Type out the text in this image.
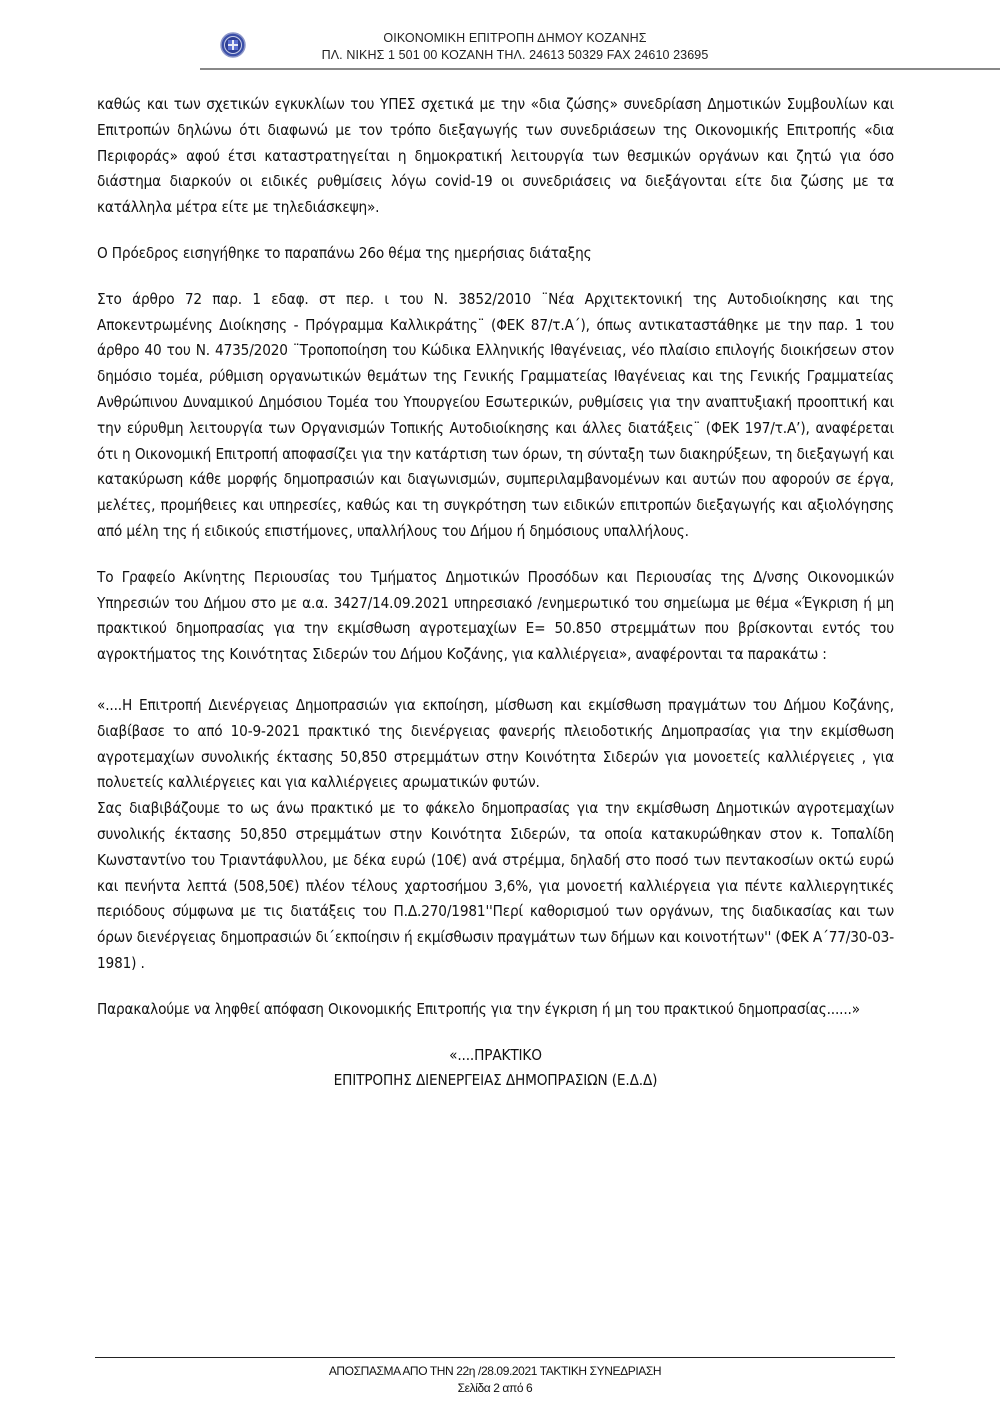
ΟΙΚΟΝΟΜΙΚΗ ΕΠΙΤΡΟΠΗ ΔΗΜΟΥ ΚΟΖΑΝΗΣ
ΠΛ. ΝΙΚΗΣ 1 501 00 ΚΟΖΑΝΗ ΤΗΛ. 24613 50329 FAX 24610 23695

καθώς και των σχετικών εγκυκλίων του ΥΠΕΣ σχετικά με την «δια ζώσης» συνεδρίαση Δημοτικών Συμβουλίων και Επιτροπών δηλώνω ότι διαφωνώ με τον τρόπο διεξαγωγής των συνεδριάσεων της Οικονομικής Επιτροπής «δια Περιφοράς» αφού έτσι καταστρατηγείται η δημοκρατική λειτουργία των θεσμικών οργάνων και ζητώ για όσο διάστημα διαρκούν οι ειδικές ρυθμίσεις λόγω covid-19 οι συνεδριάσεις να διεξάγονται είτε δια ζώσης με τα κατάλληλα μέτρα είτε με τηλεδιάσκεψη».

Ο Πρόεδρος εισηγήθηκε το παραπάνω 26ο θέμα της ημερήσιας διάταξης

Στο άρθρο 72 παρ. 1 εδαφ. στ περ. ι του Ν. 3852/2010 ¨Νέα Αρχιτεκτονική της Αυτοδιοίκησης και της Αποκεντρωμένης Διοίκησης - Πρόγραμμα Καλλικράτης¨ (ΦΕΚ 87/τ.Α΄), όπως αντικαταστάθηκε με την παρ. 1 του άρθρο 40 του Ν. 4735/2020 ¨Τροποποίηση του Κώδικα Ελληνικής Ιθαγένειας, νέο πλαίσιο επιλογής διοικήσεων στον δημόσιο τομέα, ρύθμιση οργανωτικών θεμάτων της Γενικής Γραμματείας Ιθαγένειας και της Γενικής Γραμματείας Ανθρώπινου Δυναμικού Δημόσιου Τομέα του Υπουργείου Εσωτερικών, ρυθμίσεις για την αναπτυξιακή προοπτική και την εύρυθμη λειτουργία των Οργανισμών Τοπικής Αυτοδιοίκησης και άλλες διατάξεις¨ (ΦΕΚ 197/τ.Α’), αναφέρεται ότι η Οικονομική Επιτροπή αποφασίζει για την κατάρτιση των όρων, τη σύνταξη των διακηρύξεων, τη διεξαγωγή και κατακύρωση κάθε μορφής δημοπρασιών και διαγωνισμών, συμπεριλαμβανομένων και αυτών που αφορούν σε έργα, μελέτες, προμήθειες και υπηρεσίες, καθώς και τη συγκρότηση των ειδικών επιτροπών διεξαγωγής και αξιολόγησης από μέλη της ή ειδικούς επιστήμονες, υπαλλήλους του Δήμου ή δημόσιους υπαλλήλους.

Το Γραφείο Ακίνητης Περιουσίας του Τμήματος Δημοτικών Προσόδων και Περιουσίας της Δ/νσης Οικονομικών Υπηρεσιών του Δήμου στο με α.α. 3427/14.09.2021 υπηρεσιακό /ενημερωτικό του σημείωμα με θέμα «Έγκριση ή μη πρακτικού δημοπρασίας για την εκμίσθωση αγροτεμαχίων Ε= 50.850 στρεμμάτων που βρίσκονται εντός του αγροκτήματος της Κοινότητας Σιδερών του Δήμου Κοζάνης, για καλλιέργεια», αναφέρονται τα παρακάτω :

«....Η Επιτροπή Διενέργειας Δημοπρασιών για εκποίηση, μίσθωση και εκμίσθωση πραγμάτων του Δήμου Κοζάνης, διαβίβασε το από 10-9-2021 πρακτικό της διενέργειας φανερής πλειοδοτικής Δημοπρασίας για την εκμίσθωση αγροτεμαχίων συνολικής έκτασης 50,850 στρεμμάτων στην Κοινότητα Σιδερών για μονοετείς καλλιέργειες , για πολυετείς καλλιέργειες και για καλλιέργειες αρωματικών φυτών.

Σας διαβιβάζουμε το ως άνω πρακτικό με το φάκελο δημοπρασίας για την εκμίσθωση Δημοτικών αγροτεμαχίων συνολικής έκτασης 50,850 στρεμμάτων στην Κοινότητα Σιδερών, τα οποία κατακυρώθηκαν στον κ. Τοπαλίδη Κωνσταντίνο του Τριαντάφυλλου, με δέκα ευρώ (10€) ανά στρέμμα, δηλαδή στο ποσό των πεντακοσίων οκτώ ευρώ και πενήντα λεπτά (508,50€) πλέον τέλους χαρτοσήμου 3,6%, για μονοετή καλλιέργεια για πέντε καλλιεργητικές περιόδους σύμφωνα με τις διατάξεις του Π.Δ.270/1981''Περί καθορισμού των οργάνων, της διαδικασίας και των όρων διενέργειας δημοπρασιών δι΄εκποίησιν ή εκμίσθωσιν πραγμάτων των δήμων και κοινοτήτων'' (ΦΕΚ Α΄77/30-03-1981) .

Παρακαλούμε να ληφθεί απόφαση Οικονομικής Επιτροπής για την έγκριση ή μη του πρακτικού δημοπρασίας......»

«....ΠΡΑΚΤΙΚΟ

ΕΠΙΤΡΟΠΗΣ ΔΙΕΝΕΡΓΕΙΑΣ ΔΗΜΟΠΡΑΣΙΩΝ (Ε.Δ.Δ)

ΑΠΟΣΠΑΣΜΑ ΑΠΟ ΤΗΝ 22η /28.09.2021 ΤΑΚΤΙΚΗ ΣΥΝΕΔΡΙΑΣΗ
Σελίδα 2 από 6
